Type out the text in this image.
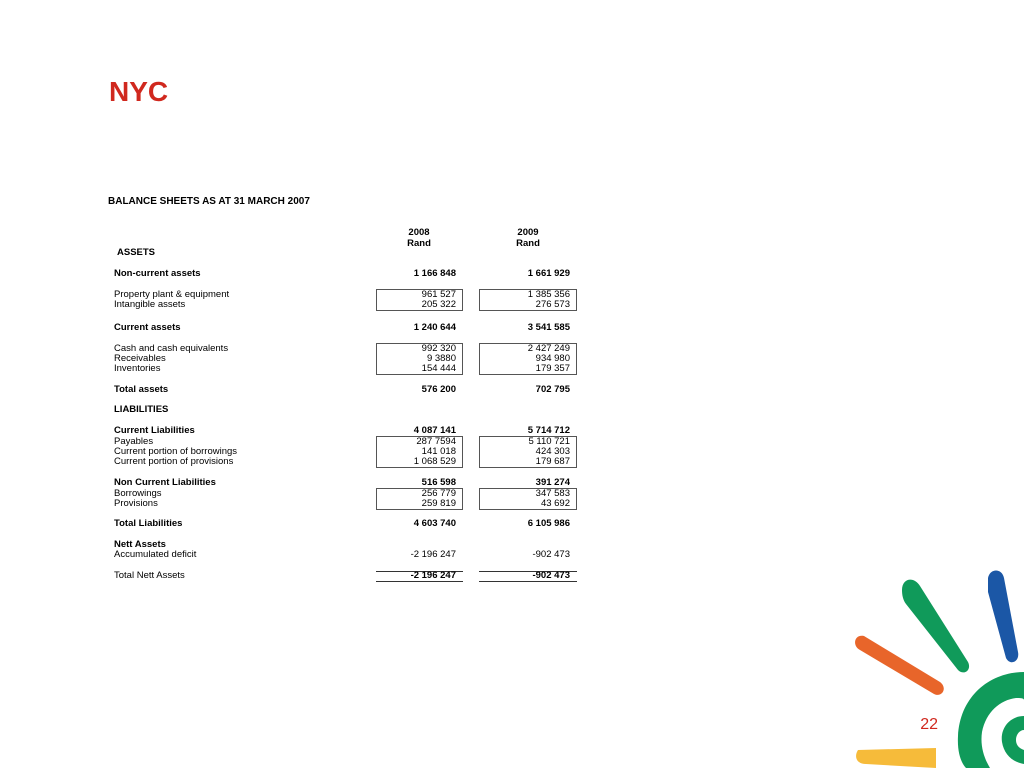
NYC
BALANCE SHEETS AS AT 31 MARCH 2007
2008
Rand
2009
Rand
ASSETS
Non-current assets	1 166 848	1 661 929
Property plant & equipment	961 527	1 385 356
Intangible assets	205 322	276 573
Current assets	1 240 644	3 541 585
Cash and cash equivalents	992 320	2 427 249
Receivables	9 3880	934 980
Inventories	154 444	179 357
Total assets	576 200	702 795
LIABILITIES
Current Liabilities	4 087 141	5 714 712
Payables	287 7594	5 110 721
Current portion of borrowings	141 018	424 303
Current portion of provisions	1 068 529	179 687
Non Current Liabilities	516 598	391 274
Borrowings	256 779	347 583
Provisions	259 819	43 692
Total Liabilities	4 603 740	6 105 986
Nett Assets
Accumulated deficit	-2 196 247	-902 473
Total Nett Assets	-2 196 247	-902 473
22
